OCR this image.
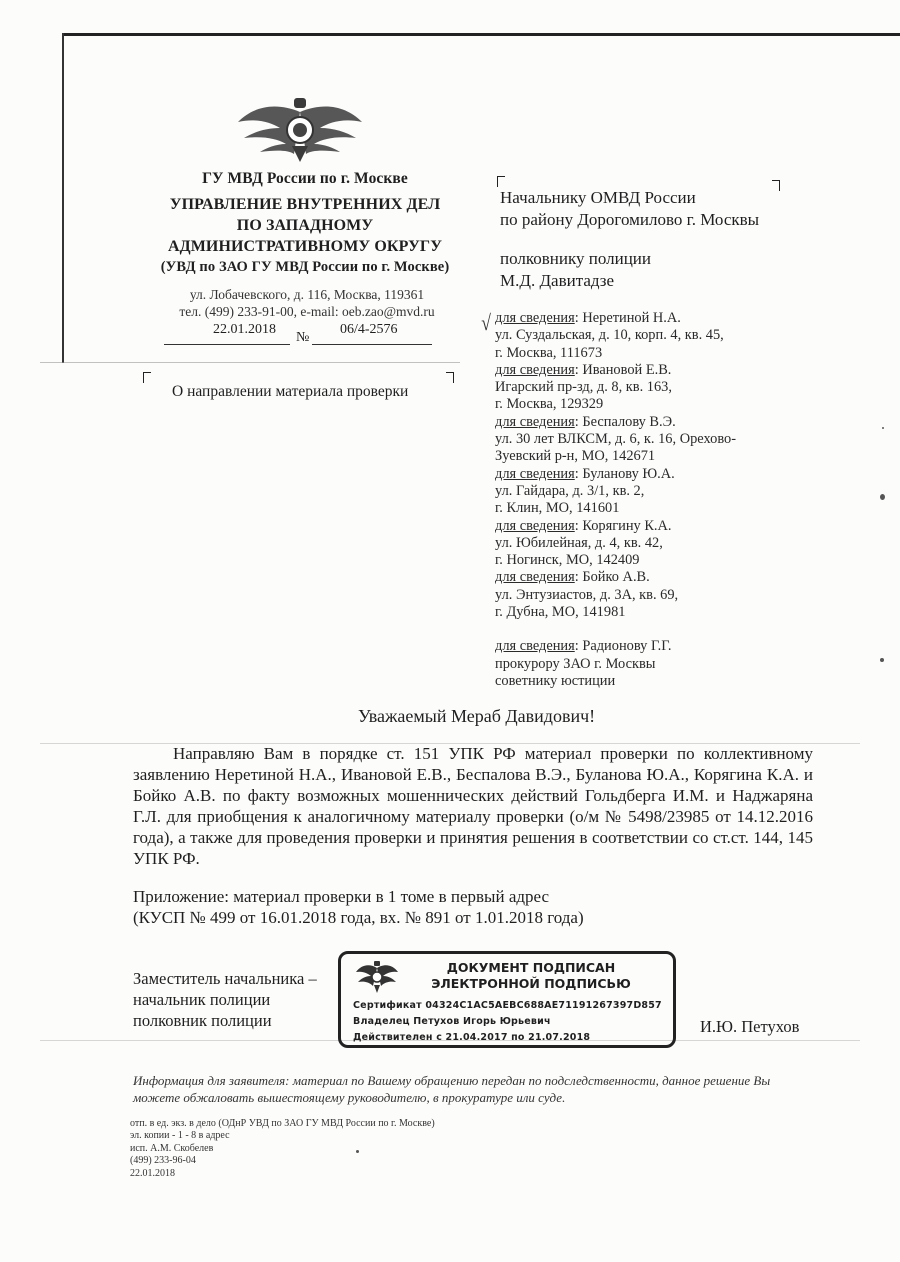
ГУ МВД России по г. Москве
УПРАВЛЕНИЕ ВНУТРЕННИХ ДЕЛ
ПО ЗАПАДНОМУ
АДМИНИСТРАТИВНОМУ ОКРУГУ
(УВД по ЗАО ГУ МВД России по г. Москве)
ул. Лобачевского, д. 116, Москва, 119361
тел. (499) 233-91-00, e-mail: oeb.zao@mvd.ru
22.01.2018
№
06/4-2576
О направлении материала проверки
Начальнику ОМВД России
по району Дорогомилово г. Москвы
полковнику полиции
М.Д. Давитадзе
√ для сведения: Неретиной Н.А.
ул. Суздальская, д. 10, корп. 4, кв. 45,
г. Москва, 111673
для сведения: Ивановой Е.В.
Игарский пр-зд, д. 8, кв. 163,
г. Москва, 129329
для сведения: Беспалову В.Э.
ул. 30 лет ВЛКСМ, д. 6, к. 16, Орехово-
Зуевский р-н, МО, 142671
для сведения: Буланову Ю.А.
ул. Гайдара, д. 3/1, кв. 2,
г. Клин, МО, 141601
для сведения: Корягину К.А.
ул. Юбилейная, д. 4, кв. 42,
г. Ногинск, МО, 142409
для сведения: Бойко А.В.
ул. Энтузиастов, д. 3А, кв. 69,
г. Дубна, МО, 141981
для сведения: Радионову Г.Г.
прокурору ЗАО г. Москвы
советнику юстиции
Уважаемый Мераб Давидович!
Направляю Вам в порядке ст. 151 УПК РФ материал проверки по коллективному заявлению Неретиной Н.А., Ивановой Е.В., Беспалова В.Э., Буланова Ю.А., Корягина К.А. и Бойко А.В. по факту возможных мошеннических действий Гольдберга И.М. и Наджаряна Г.Л. для приобщения к аналогичному материалу проверки (о/м № 5498/23985 от 14.12.2016 года), а также для проведения проверки и принятия решения в соответствии со ст.ст. 144, 145 УПК РФ.
Приложение: материал проверки в 1 томе в первый адрес
(КУСП № 499 от 16.01.2018 года, вх. № 891 от 1.01.2018 года)
Заместитель начальника –
начальник полиции
полковник полиции
ДОКУМЕНТ ПОДПИСАН
ЭЛЕКТРОННОЙ ПОДПИСЬЮ
Сертификат 04324C1AC5AEBC688AE71191267397D857
Владелец Петухов Игорь Юрьевич
Действителен с 21.04.2017 по 21.07.2018
И.Ю. Петухов
Информация для заявителя: материал по Вашему обращению передан по подследственности, данное решение Вы можете обжаловать вышестоящему руководителю, в прокуратуре или суде.
отп. в ед. экз. в дело (ОДнР УВД по ЗАО ГУ МВД России по г. Москве)
эл. копии - 1 - 8 в адрес
исп. А.М. Скобелев
(499) 233-96-04
22.01.2018
